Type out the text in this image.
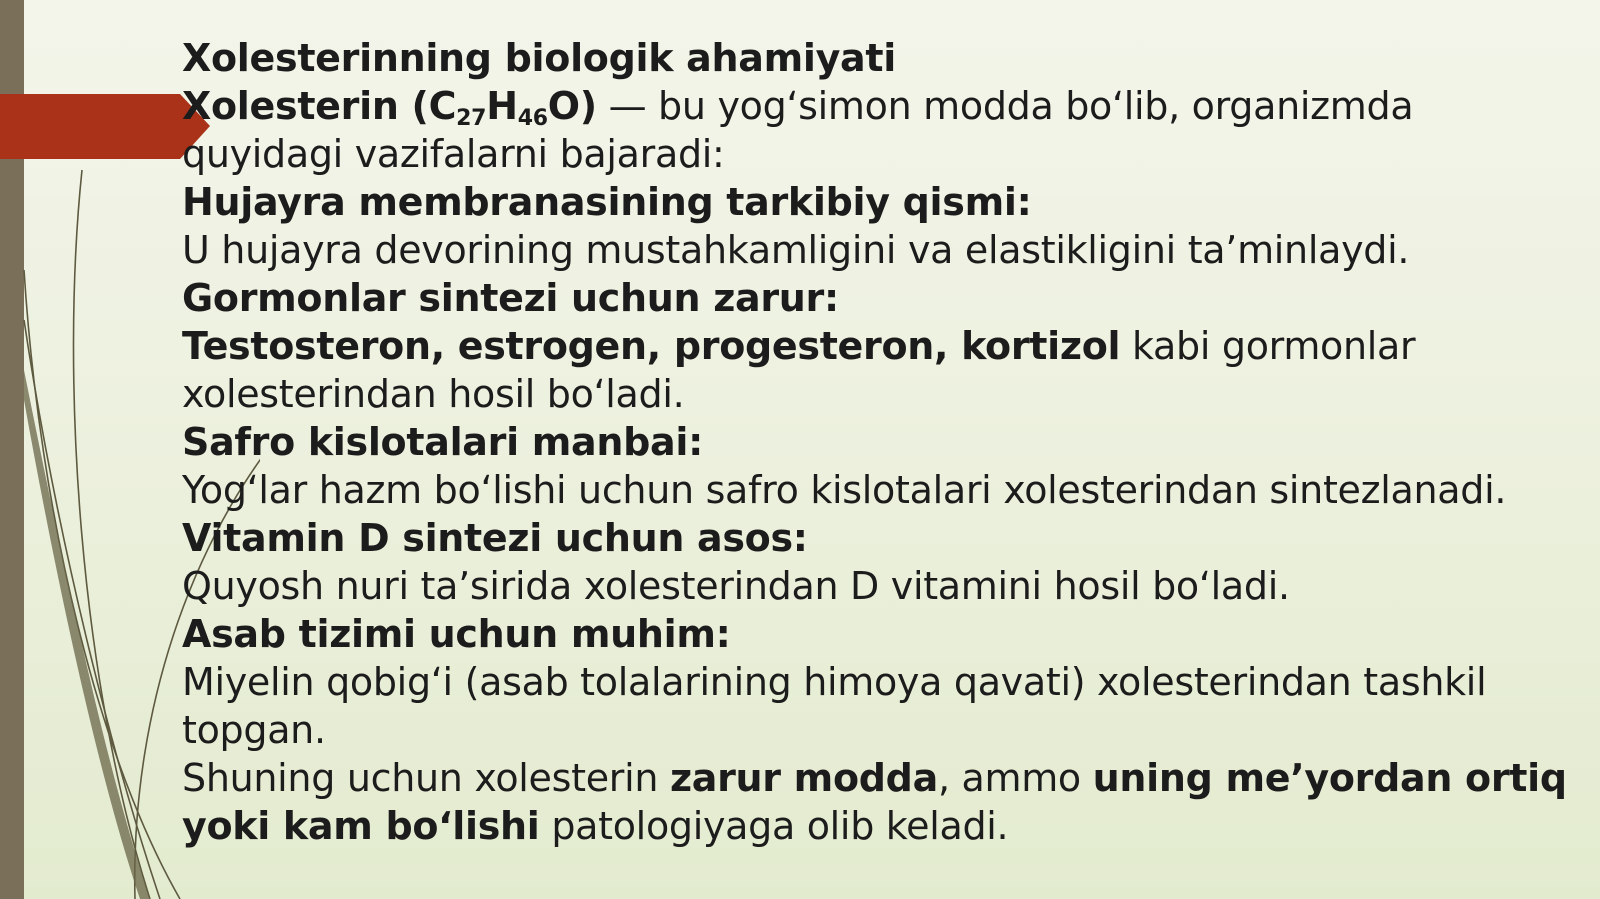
Xolesterinning biologik ahamiyati
Xolesterin $(C_{27}H_{46}O)$ — bu yog‘simon modda bo‘lib, organizmda
quyidagi vazifalarni bajaradi:
Hujayra membranasining tarkibiy qismi:
U hujayra devorining mustahkamligini va elastikligini ta’minlaydi.
Gormonlar sintezi uchun zarur:
Testosteron, estrogen, progesteron, kortizol kabi gormonlar
xolesterindan hosil bo‘ladi.
Safro kislotalari manbai:
Yog‘lar hazm bo‘lishi uchun safro kislotalari xolesterindan sintezlanadi.
Vitamin D sintezi uchun asos:
Quyosh nuri ta’sirida xolesterindan D vitamini hosil bo‘ladi.
Asab tizimi uchun muhim:
Miyelin qobig‘i (asab tolalarining himoya qavati) xolesterindan tashkil
topgan.
Shuning uchun xolesterin zarur modda, ammo uning me’yordan ortiq
yoki kam bo‘lishi patologiyaga olib keladi.
